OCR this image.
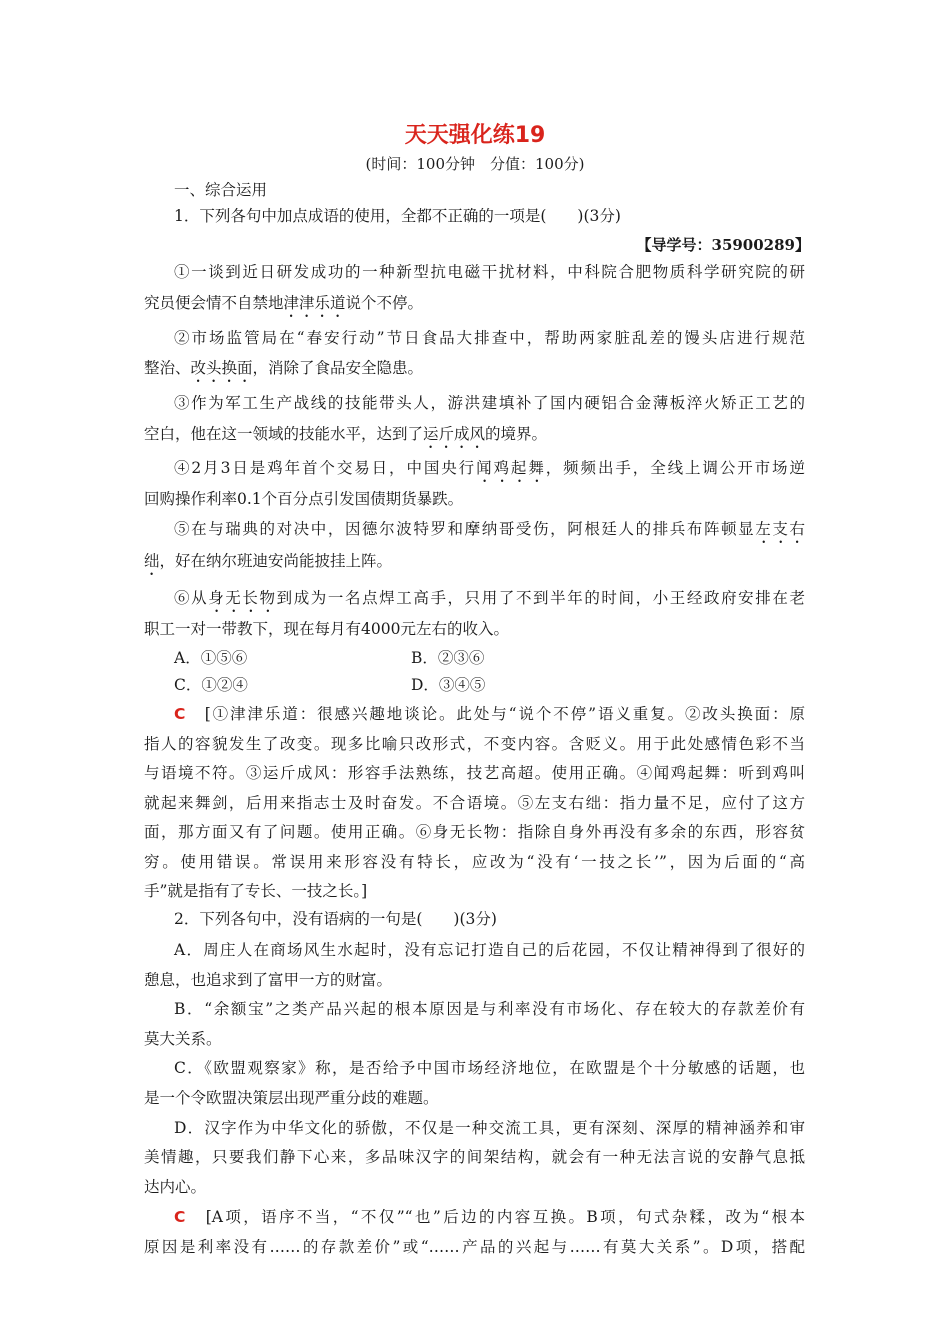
天天强化练19
(时间：100分钟　分值：100分)
一、综合运用
1．下列各句中加点成语的使用，全都不正确的一项是(　　)(3分)
【导学号：35900289】
①一谈到近日研发成功的一种新型抗电磁干扰材料，中科院合肥物质科学研究院的研
究员便会情不自禁地津津乐道说个不停。
②市场监管局在“春安行动”节日食品大排查中，帮助两家脏乱差的馒头店进行规范
整治、改头换面，消除了食品安全隐患。
③作为军工生产战线的技能带头人，游洪建填补了国内硬铝合金薄板淬火矫正工艺的
空白，他在这一领域的技能水平，达到了运斤成风的境界。
④2月3日是鸡年首个交易日，中国央行闻鸡起舞，频频出手，全线上调公开市场逆
回购操作利率0.1个百分点引发国债期货暴跌。
⑤在与瑞典的对决中，因德尔波特罗和摩纳哥受伤，阿根廷人的排兵布阵顿显左支右
绌，好在纳尔班迪安尚能披挂上阵。
⑥从身无长物到成为一名点焊工高手，只用了不到半年的时间，小王经政府安排在老
职工一对一带教下，现在每月有4000元左右的收入。
A．①⑤⑥	B．②③⑥
C．①②④	D．③④⑤
C　 [①津津乐道：很感兴趣地谈论。此处与“说个不停”语义重复。②改头换面：原
指人的容貌发生了改变。现多比喻只改形式，不变内容。含贬义。用于此处感情色彩不当
与语境不符。③运斤成风：形容手法熟练，技艺高超。使用正确。④闻鸡起舞：听到鸡叫
就起来舞剑，后用来指志士及时奋发。不合语境。⑤左支右绌：指力量不足，应付了这方
面，那方面又有了问题。使用正确。⑥身无长物：指除自身外再没有多余的东西，形容贫
穷。使用错误。常误用来形容没有特长，应改为“没有‘一技之长’”，因为后面的“高
手”就是指有了专长、一技之长。]
2．下列各句中，没有语病的一句是(　　)(3分)
A．周庄人在商场风生水起时，没有忘记打造自己的后花园，不仅让精神得到了很好的
憩息，也追求到了富甲一方的财富。
B．“余额宝”之类产品兴起的根本原因是与利率没有市场化、存在较大的存款差价有
莫大关系。
C．《欧盟观察家》称，是否给予中国市场经济地位，在欧盟是个十分敏感的话题，也
是一个令欧盟决策层出现严重分歧的难题。
D．汉字作为中华文化的骄傲，不仅是一种交流工具，更有深刻、深厚的精神涵养和审
美情趣，只要我们静下心来，多品味汉字的间架结构，就会有一种无法言说的安静气息抵
达内心。
C　 [A项，语序不当，“不仅”“也”后边的内容互换。B项，句式杂糅，改为“根本
原因是利率没有……的存款差价”或“……产品的兴起与……有莫大关系”。D项，搭配
